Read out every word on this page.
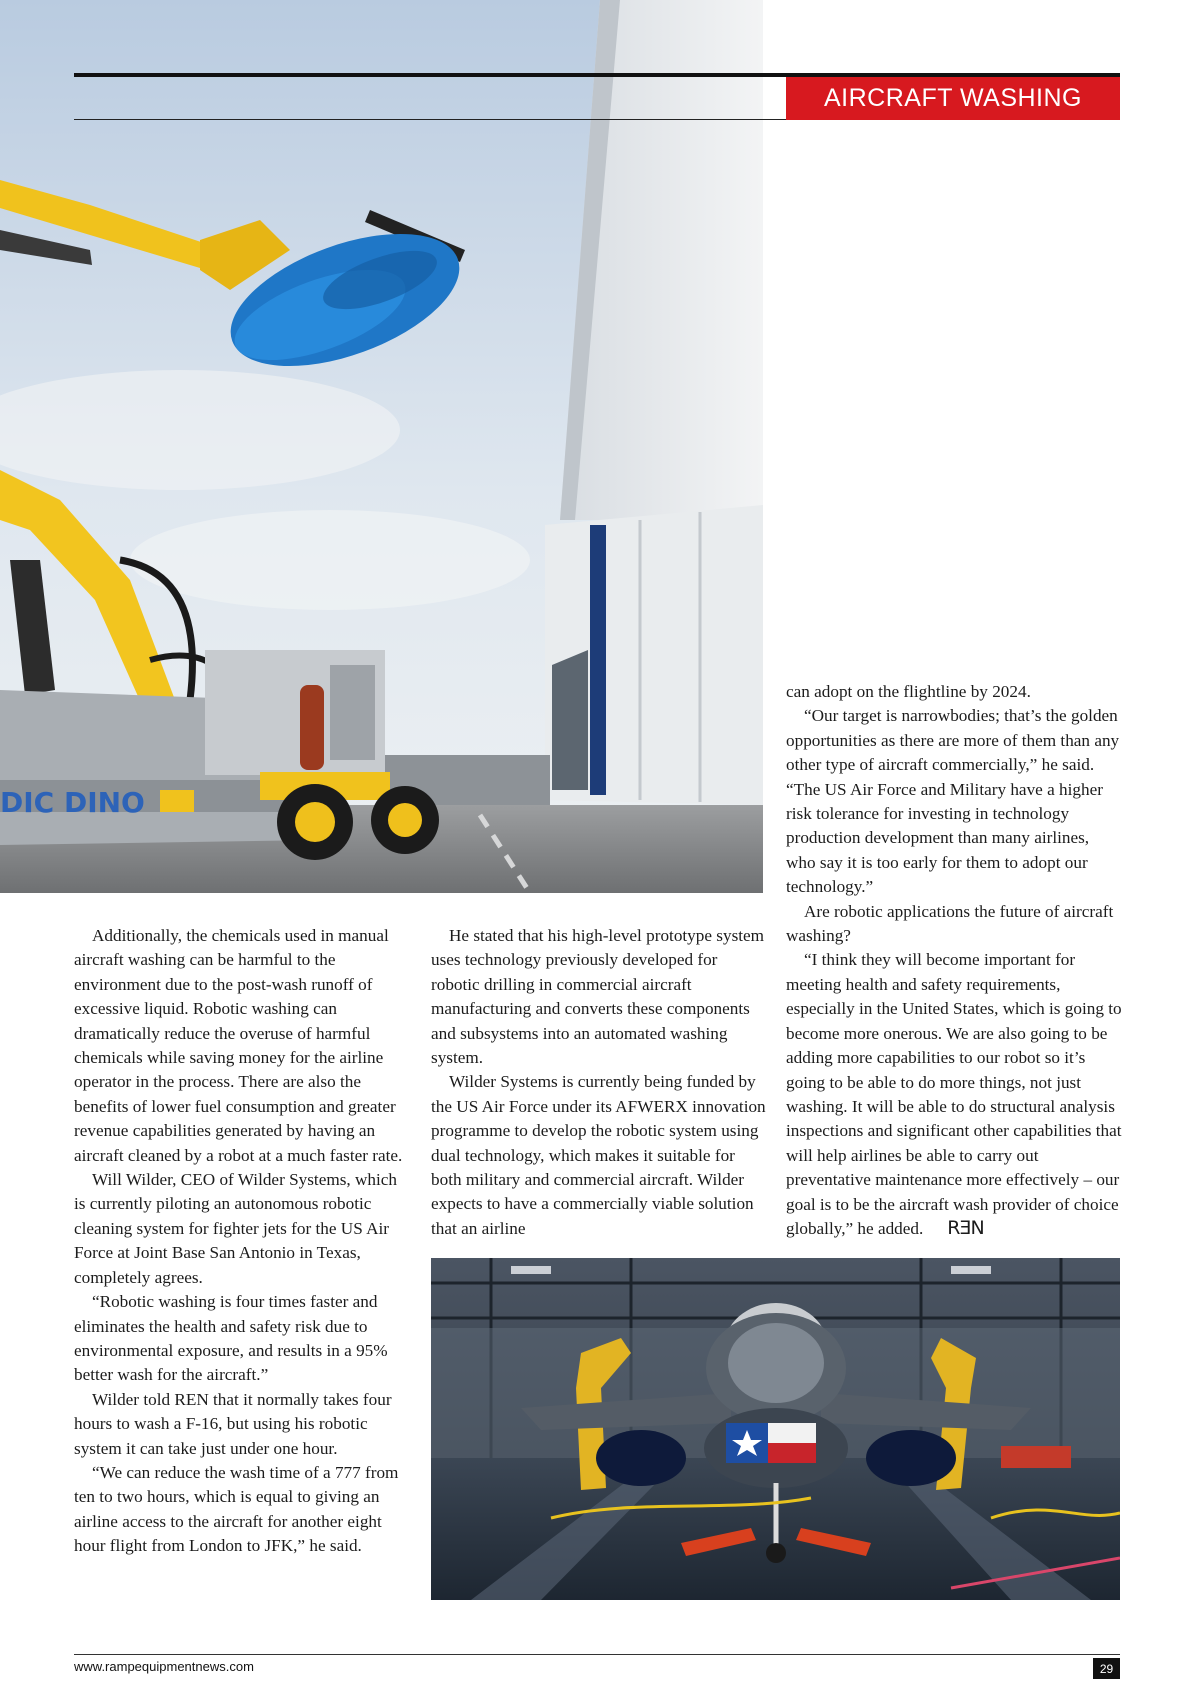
DIC DINO
AIRCRAFT WASHING

Additionally, the chemicals used in manual aircraft washing can be harmful to the environment due to the post-wash runoff of excessive liquid. Robotic washing can dramatically reduce the overuse of harmful chemicals while saving money for the airline operator in the process. There are also the benefits of lower fuel consumption and greater revenue capabilities generated by having an aircraft cleaned by a robot at a much faster rate.

Will Wilder, CEO of Wilder Systems, which is currently piloting an autonomous robotic cleaning system for fighter jets for the US Air Force at Joint Base San Antonio in Texas, completely agrees.

“Robotic washing is four times faster and eliminates the health and safety risk due to environmental exposure, and results in a 95% better wash for the aircraft.”

Wilder told REN that it normally takes four hours to wash a F-16, but using his robotic system it can take just under one hour.

“We can reduce the wash time of a 777 from ten to two hours, which is equal to giving an airline access to the aircraft for another eight hour flight from London to JFK,” he said.

He stated that his high-level prototype system uses technology previously developed for robotic drilling in commercial aircraft manufacturing and converts these components and subsystems into an automated washing system.

Wilder Systems is currently being funded by the US Air Force under its AFWERX innovation programme to develop the robotic system using dual technology, which makes it suitable for both military and commercial aircraft. Wilder expects to have a commercially viable solution that an airline

can adopt on the flightline by 2024.

“Our target is narrowbodies; that’s the golden opportunities as there are more of them than any other type of aircraft commercially,” he said. “The US Air Force and Military have a higher risk tolerance for investing in technology production development than many airlines, who say it is too early for them to adopt our technology.”

Are robotic applications the future of aircraft washing?

“I think they will become important for meeting health and safety requirements, especially in the United States, which is going to become more onerous. We are also going to be adding more capabilities to our robot so it’s going to be able to do more things, not just washing. It will be able to do structural analysis inspections and significant other capabilities that will help airlines be able to carry out preventative maintenance more effectively – our goal is to be the aircraft wash provider of choice globally,” he added. RƎN

www.rampequipmentnews.com	29
